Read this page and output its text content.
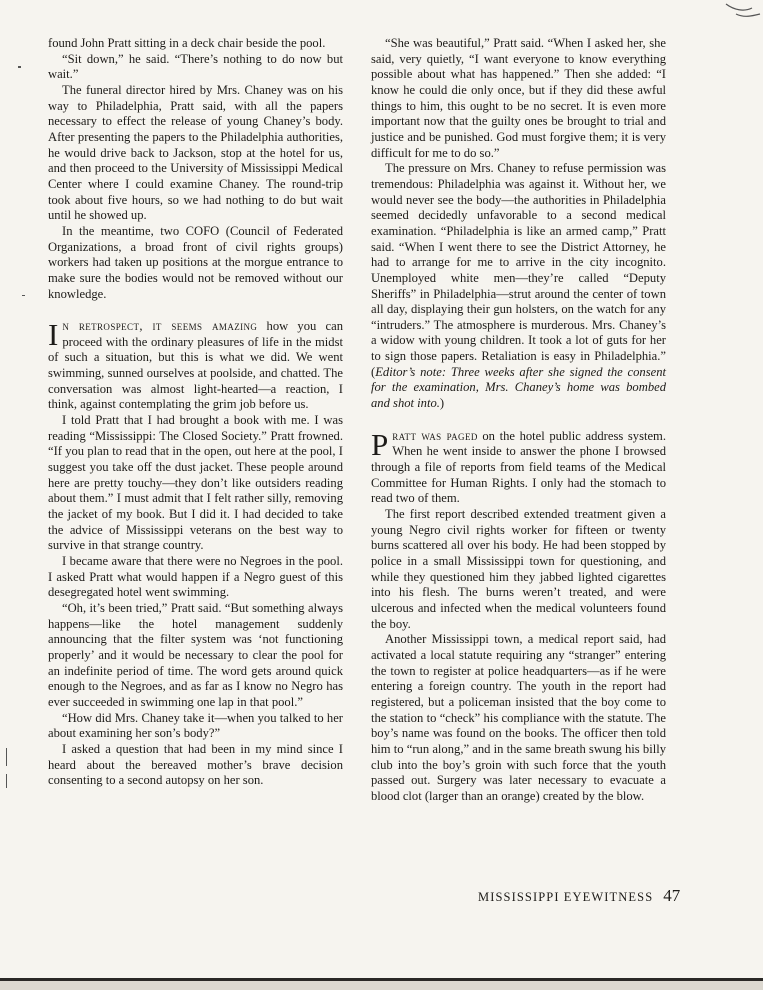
found John Pratt sitting in a deck chair beside the pool.

“Sit down,” he said. “There’s nothing to do now but wait.”

The funeral director hired by Mrs. Chaney was on his way to Philadelphia, Pratt said, with all the papers necessary to effect the release of young Chaney’s body. After presenting the papers to the Philadelphia authorities, he would drive back to Jackson, stop at the hotel for us, and then proceed to the University of Mississippi Medical Center where I could examine Chaney. The round-trip took about five hours, so we had nothing to do but wait until he showed up.

In the meantime, two COFO (Council of Federated Organizations, a broad front of civil rights groups) workers had taken up positions at the morgue entrance to make sure the bodies would not be removed without our knowledge.

In retrospect, it seems amazing how you can proceed with the ordinary pleasures of life in the midst of such a situation, but this is what we did. We went swimming, sunned ourselves at poolside, and chatted. The conversation was almost light-hearted—a reaction, I think, against contemplating the grim job before us.

I told Pratt that I had brought a book with me. I was reading “Mississippi: The Closed Society.” Pratt frowned. “If you plan to read that in the open, out here at the pool, I suggest you take off the dust jacket. These people around here are pretty touchy—they don’t like outsiders reading about them.” I must admit that I felt rather silly, removing the jacket of my book. But I did it. I had decided to take the advice of Mississippi veterans on the best way to survive in that strange country.

I became aware that there were no Negroes in the pool. I asked Pratt what would happen if a Negro guest of this desegregated hotel went swimming.

“Oh, it’s been tried,” Pratt said. “But something always happens—like the hotel management suddenly announcing that the filter system was ‘not functioning properly’ and it would be necessary to clear the pool for an indefinite period of time. The word gets around quick enough to the Negroes, and as far as I know no Negro has ever succeeded in swimming one lap in that pool.”

“How did Mrs. Chaney take it—when you talked to her about examining her son’s body?”

I asked a question that had been in my mind since I heard about the bereaved mother’s brave decision consenting to a second autopsy on her son.

“She was beautiful,” Pratt said. “When I asked her, she said, very quietly, “I want everyone to know everything possible about what has happened.” Then she added: “I know he could die only once, but if they did these awful things to him, this ought to be no secret. It is even more important now that the guilty ones be brought to trial and justice and be punished. God must forgive them; it is very difficult for me to do so.”

The pressure on Mrs. Chaney to refuse permission was tremendous: Philadelphia was against it. Without her, we would never see the body—the authorities in Philadelphia seemed decidedly unfavorable to a second medical examination. “Philadelphia is like an armed camp,” Pratt said. “When I went there to see the District Attorney, he had to arrange for me to arrive in the city incognito. Unemployed white men—they’re called “Deputy Sheriffs” in Philadelphia—strut around the center of town all day, displaying their gun holsters, on the watch for any “intruders.” The atmosphere is murderous. Mrs. Chaney’s a widow with young children. It took a lot of guts for her to sign those papers. Retaliation is easy in Philadelphia.” (Editor’s note: Three weeks after she signed the consent for the examination, Mrs. Chaney’s home was bombed and shot into.)

Pratt was paged on the hotel public address system. When he went inside to answer the phone I browsed through a file of reports from field teams of the Medical Committee for Human Rights. I only had the stomach to read two of them.

The first report described extended treatment given a young Negro civil rights worker for fifteen or twenty burns scattered all over his body. He had been stopped by police in a small Mississippi town for questioning, and while they questioned him they jabbed lighted cigarettes into his flesh. The burns weren’t treated, and were ulcerous and infected when the medical volunteers found the boy.

Another Mississippi town, a medical report said, had activated a local statute requiring any “stranger” entering the town to register at police headquarters—as if he were entering a foreign country. The youth in the report had registered, but a policeman insisted that the boy come to the station to “check” his compliance with the statute. The boy’s name was found on the books. The officer then told him to “run along,” and in the same breath swung his billy club into the boy’s groin with such force that the youth passed out. Surgery was later necessary to evacuate a blood clot (larger than an orange) created by the blow.

MISSISSIPPI EYEWITNESS 47
